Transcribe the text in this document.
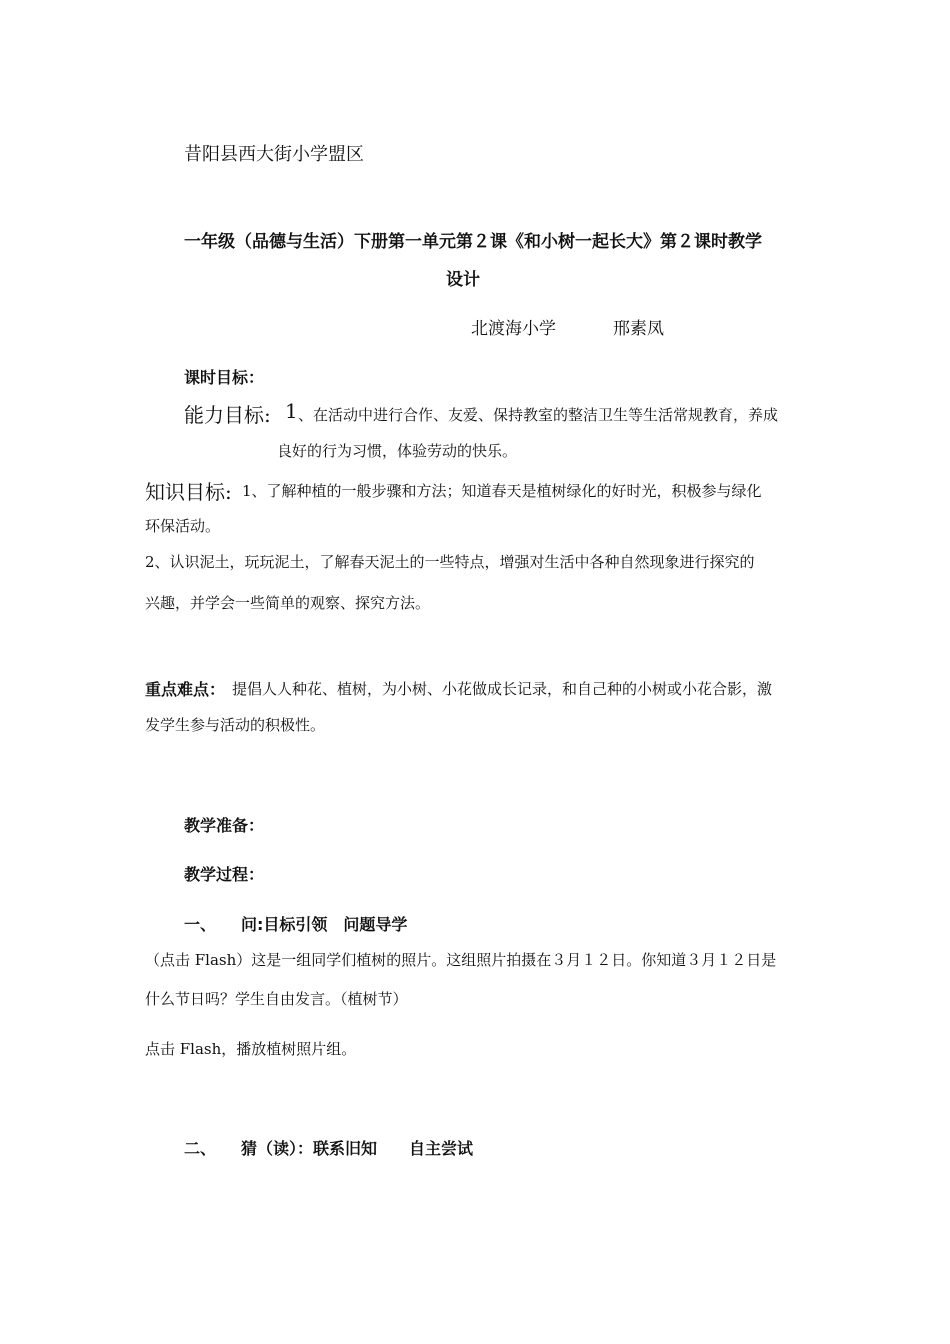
昔阳县西大街小学盟区
一年级（品德与生活）下册第一单元第２课《和小树一起长大》第２课时教学
设计
北渡海小学	邢素凤
课时目标：
能力目标: 1 、在活动中进行合作、友爱、保持教室的整洁卫生等生活常规教育，养成
良好的行为习惯，体验劳动的快乐。
知识目标: 1、了解种植的一般步骤和方法；知道春天是植树绿化的好时光，积极参与绿化
环保活动。
2、认识泥土，玩玩泥土，了解春天泥土的一些特点，增强对生活中各种自然现象进行探究的
兴趣，并学会一些简单的观察、探究方法。
重点难点： 提倡人人种花、植树，为小树、小花做成长记录，和自己种的小树或小花合影，激
发学生参与活动的积极性。
教学准备：
教学过程：
一、 问:目标引领　问题导学
（点击 Flash）这是一组同学们植树的照片。这组照片拍摄在３月１２日。你知道３月１２日是
什么节日吗？学生自由发言。（植树节）
点击 Flash，播放植树照片组。
二、 猜（读）：联系旧知　　自主尝试
